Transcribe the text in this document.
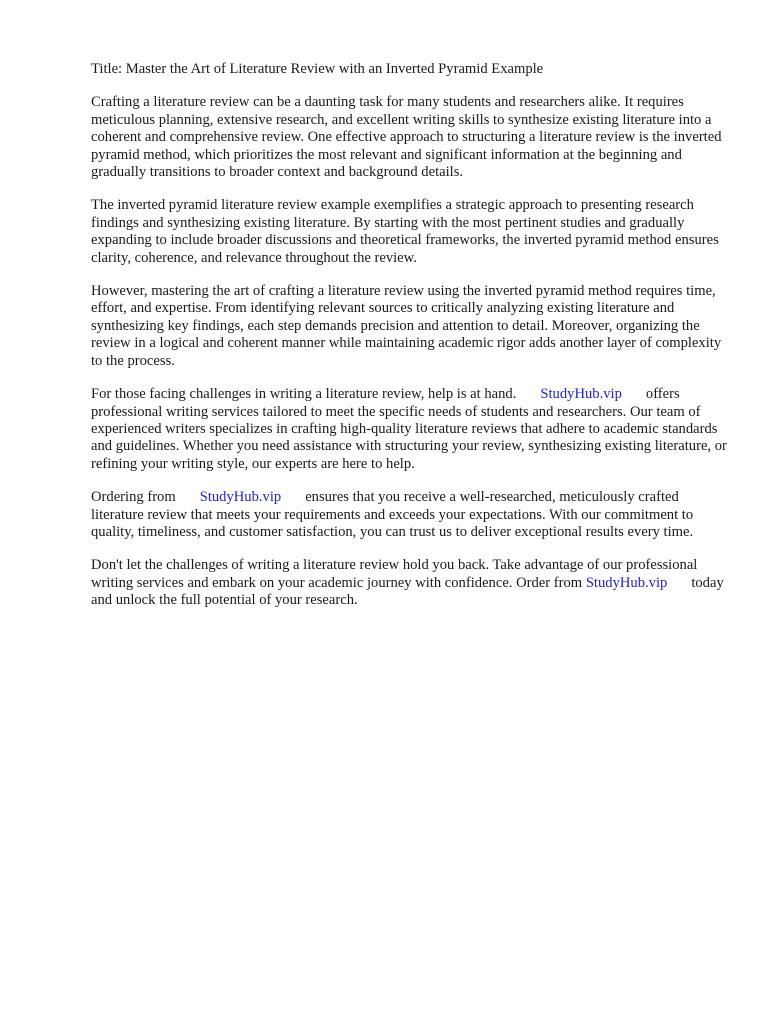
Title: Master the Art of Literature Review with an Inverted Pyramid Example

Crafting a literature review can be a daunting task for many students and researchers alike. It requires meticulous planning, extensive research, and excellent writing skills to synthesize existing literature into a coherent and comprehensive review. One effective approach to structuring a literature review is the inverted pyramid method, which prioritizes the most relevant and significant information at the beginning and gradually transitions to broader context and background details.

The inverted pyramid literature review example exemplifies a strategic approach to presenting research findings and synthesizing existing literature. By starting with the most pertinent studies and gradually expanding to include broader discussions and theoretical frameworks, the inverted pyramid method ensures clarity, coherence, and relevance throughout the review.

However, mastering the art of crafting a literature review using the inverted pyramid method requires time, effort, and expertise. From identifying relevant sources to critically analyzing existing literature and synthesizing key findings, each step demands precision and attention to detail. Moreover, organizing the review in a logical and coherent manner while maintaining academic rigor adds another layer of complexity to the process.

For those facing challenges in writing a literature review, help is at hand. StudyHub.vip offers professional writing services tailored to meet the specific needs of students and researchers. Our team of experienced writers specializes in crafting high-quality literature reviews that adhere to academic standards and guidelines. Whether you need assistance with structuring your review, synthesizing existing literature, or refining your writing style, our experts are here to help.

Ordering from StudyHub.vip ensures that you receive a well-researched, meticulously crafted literature review that meets your requirements and exceeds your expectations. With our commitment to quality, timeliness, and customer satisfaction, you can trust us to deliver exceptional results every time.

Don't let the challenges of writing a literature review hold you back. Take advantage of our professional writing services and embark on your academic journey with confidence. Order from StudyHub.vip today and unlock the full potential of your research.
